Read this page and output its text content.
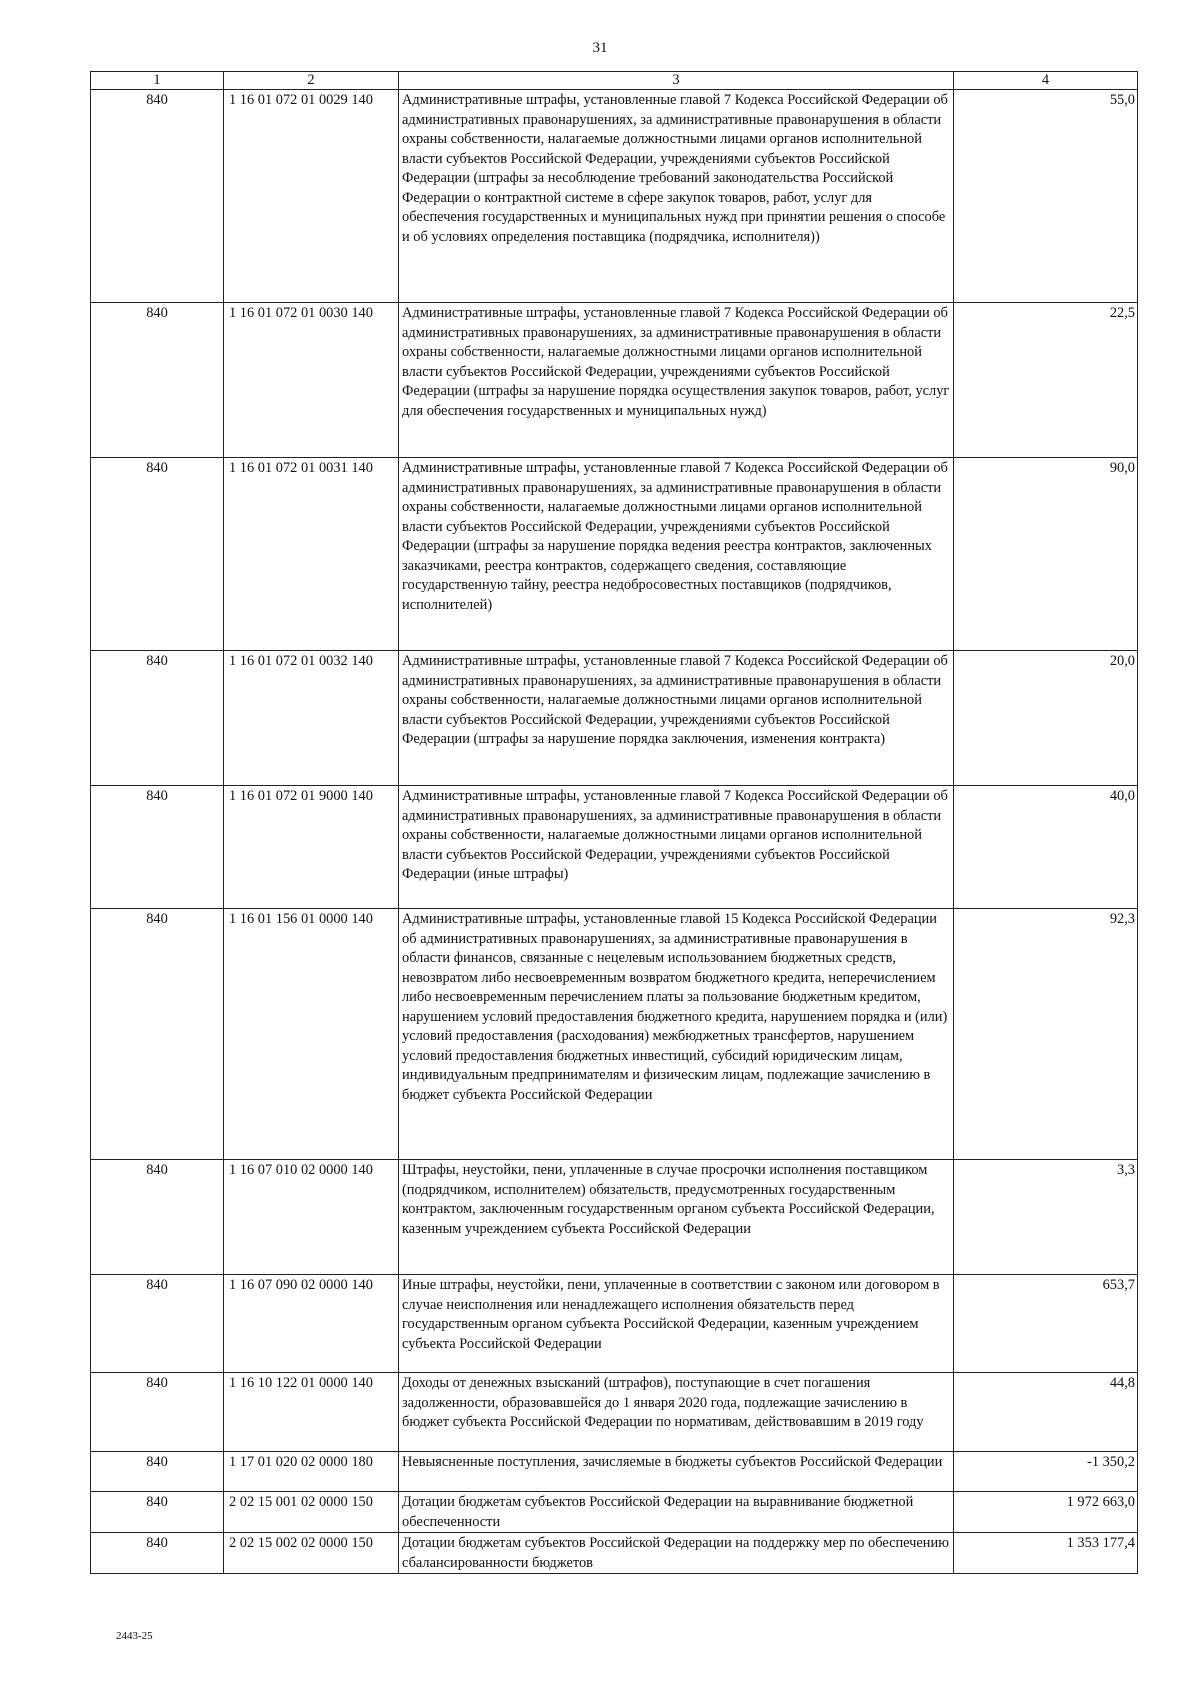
31
1	2	3	4
840	1 16 01 072 01 0029 140	Административные штрафы, установленные главой 7 Кодекса Российской Федерации об административных правонарушениях, за административные правонарушения в области охраны собственности, налагаемые должностными лицами органов исполнительной власти субъектов Российской Федерации, учреждениями субъектов Российской Федерации (штрафы за несоблюдение требований законодательства Российской Федерации о контрактной системе в сфере закупок товаров, работ, услуг для обеспечения государственных и муниципальных нужд при принятии решения о способе и об условиях определения поставщика (подрядчика, исполнителя))	55,0
840	1 16 01 072 01 0030 140	Административные штрафы, установленные главой 7 Кодекса Российской Федерации об административных правонарушениях, за административные правонарушения в области охраны собственности, налагаемые должностными лицами органов исполнительной власти субъектов Российской Федерации, учреждениями субъектов Российской Федерации (штрафы за нарушение порядка осуществления закупок товаров, работ, услуг для обеспечения государственных и муниципальных нужд)	22,5
840	1 16 01 072 01 0031 140	Административные штрафы, установленные главой 7 Кодекса Российской Федерации об административных правонарушениях, за административные правонарушения в области охраны собственности, налагаемые должностными лицами органов исполнительной власти субъектов Российской Федерации, учреждениями субъектов Российской Федерации (штрафы за нарушение порядка ведения реестра контрактов, заключенных заказчиками, реестра контрактов, содержащего сведения, составляющие государственную тайну, реестра недобросовестных поставщиков (подрядчиков, исполнителей)	90,0
840	1 16 01 072 01 0032 140	Административные штрафы, установленные главой 7 Кодекса Российской Федерации об административных правонарушениях, за административные правонарушения в области охраны собственности, налагаемые должностными лицами органов исполнительной власти субъектов Российской Федерации, учреждениями субъектов Российской Федерации (штрафы за нарушение порядка заключения, изменения контракта)	20,0
840	1 16 01 072 01 9000 140	Административные штрафы, установленные главой 7 Кодекса Российской Федерации об административных правонарушениях, за административные правонарушения в области охраны собственности, налагаемые должностными лицами органов исполнительной власти субъектов Российской Федерации, учреждениями субъектов Российской Федерации (иные штрафы)	40,0
840	1 16 01 156 01 0000 140	Административные штрафы, установленные главой 15 Кодекса Российской Федерации об административных правонарушениях, за административные правонарушения в области финансов, связанные с нецелевым использованием бюджетных средств, невозвратом либо несвоевременным возвратом бюджетного кредита, неперечислением либо несвоевременным перечислением платы за пользование бюджетным кредитом, нарушением условий предоставления бюджетного кредита, нарушением порядка и (или) условий предоставления (расходования) межбюджетных трансфертов, нарушением условий предоставления бюджетных инвестиций, субсидий юридическим лицам, индивидуальным предпринимателям и физическим лицам, подлежащие зачислению в бюджет субъекта Российской Федерации	92,3
840	1 16 07 010 02 0000 140	Штрафы, неустойки, пени, уплаченные в случае просрочки исполнения поставщиком (подрядчиком, исполнителем) обязательств, предусмотренных государственным контрактом, заключенным государственным органом субъекта Российской Федерации, казенным учреждением субъекта Российской Федерации	3,3
840	1 16 07 090 02 0000 140	Иные штрафы, неустойки, пени, уплаченные в соответствии с законом или договором в случае неисполнения или ненадлежащего исполнения обязательств перед государственным органом субъекта Российской Федерации, казенным учреждением субъекта Российской Федерации	653,7
840	1 16 10 122 01 0000 140	Доходы от денежных взысканий (штрафов), поступающие в счет погашения задолженности, образовавшейся до 1 января 2020 года, подлежащие зачислению в бюджет субъекта Российской Федерации по нормативам, действовавшим в 2019 году	44,8
840	1 17 01 020 02 0000 180	Невыясненные поступления, зачисляемые в бюджеты субъектов Российской Федерации	-1 350,2
840	2 02 15 001 02 0000 150	Дотации бюджетам субъектов Российской Федерации на выравнивание бюджетной обеспеченности	1 972 663,0
840	2 02 15 002 02 0000 150	Дотации бюджетам субъектов Российской Федерации на поддержку мер по обеспечению сбалансированности бюджетов	1 353 177,4
2443-25
